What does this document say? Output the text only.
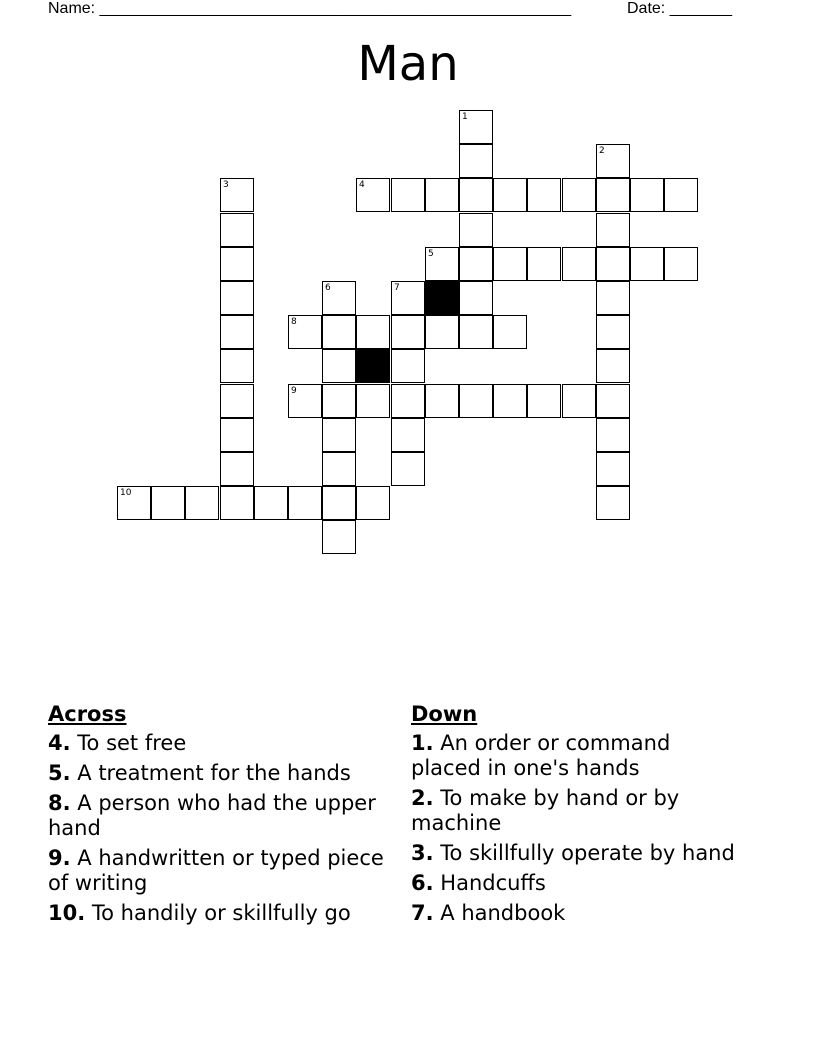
Name: _____________________________________________________	Date: _______
Man
1
2
3	4
5
6	7
8
9
10
Across
4. To set free
5. A treatment for the hands
8. A person who had the upper hand
9. A handwritten or typed piece of writing
10. To handily or skillfully go
Down
1. An order or command placed in one's hands
2. To make by hand or by machine
3. To skillfully operate by hand
6. Handcuffs
7. A handbook
